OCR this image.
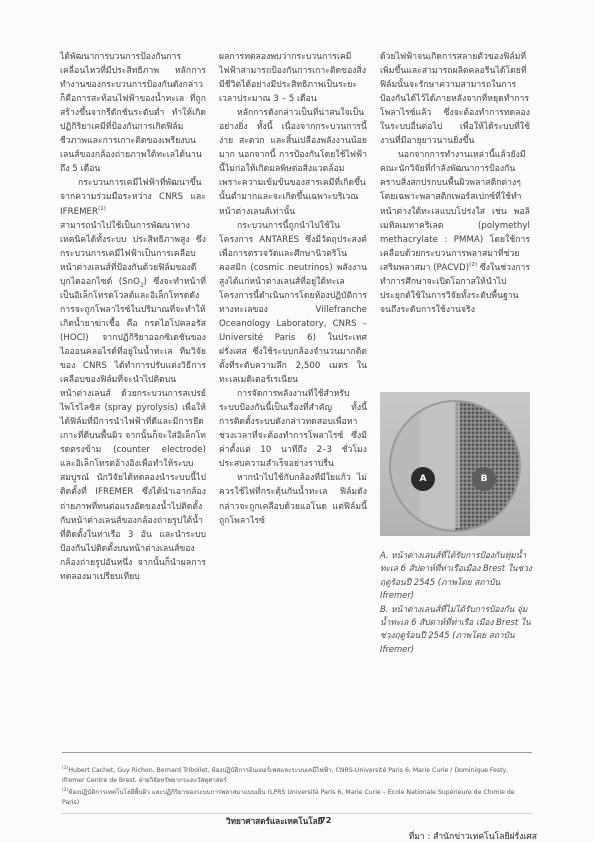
ได้พัฒนาการบวนการป้องกันการเคลื่อนไหวที่มีประสิทธิภาพ หลักการทำงานของกระบวนการป้องกันดังกล่าวก็คือการสะท้อนไฟฟ้าของน้ำทะเล ที่ถูกสร้างขึ้นจากรีดักชั่นระดับต่ำ ทำให้เกิดปฏิกิริยาเคมีที่ป้องกันการเกิดฟิล์มชีวภาพและการเกาะติดของเพรียงบนเลนส์ของกล้องถ่ายภาพใต้ทะเลได้นานถึง 5 เดือน

กระบวนการเคมีไฟฟ้าที่พัฒนาขึ้นจากความร่วมมือระหว่าง CNRS และ IFREMER$^{(1)}$

สามารถนำไปใช้เป็นการพัฒนาทางเทคนิคได้ทั้งระบบ ประสิทธิภาพสูง ซึ่งกระบวนการเคมีไฟฟ้าเป็นการเคลือบหน้าต่างเลนส์ที่ป้องกันด้วยฟิล์มของดีบุกไดออกไซด์ (SnO$_2$) ซึ่งจะทำหน้าที่เป็นอิเล็กโทรดโวลต์และอิเล็กโทรดดังการจะถูกโพลาไรซ์ในปริมาณที่จะทำให้เกิดน้ำยาฆ่าเชื้อ คือ กรดไฮโปคลอรัส (HOCl) จากปฏิกิริยาออกซิเดชันของไอออนคลอไรด์ที่อยู่ในน้ำทะเล ทีมวิจัยของ CNRS ได้ทำการปรับแต่งวิธีการเคลือบของฟิล์มที่จะนำไปติดบนหน้าต่างเลนส์ ด้วยกระบวนการสเปรย์ไพโรไลซิส (spray pyrolysis) เพื่อให้ได้ฟิล์มที่มีการนำไฟฟ้าที่ดีและมีการยึดเกาะที่ดีบนพื้นผิว จากนั้นก็จะใส่อิเล็กโทรดตรงข้าม (counter electrode) และอิเล็กโทรดอ้างอิงเพื่อทำให้ระบบสมบูรณ์ นักวิจัยได้ทดลองนำระบบนี้ไปติดตั้งที่ IFREMER ซึ่งได้นำเอากล้องถ่ายภาพที่ทนต่อแรงอัดของน้ำไปติดตั้งกับหน้าต่างเลนส์ของกล้องถ่ายรูปใต้น้ำที่ติดตั้งในท่าเรือ 3 อัน และนำระบบป้องกันไปติดตั้งบนหน้าต่างเลนส์ของกล้องถ่ายรูปอันหนึ่ง จากนั้นก็นำผลการทดลองมาเปรียบเทียบ

ผลการทดลองพบว่ากระบวนการเคมีไฟฟ้าสามารถป้องกันการเกาะติดของสิ่งมีชีวิตได้อย่างมีประสิทธิภาพเป็นระยะเวลาประมาณ 3 – 5 เดือน

หลักการดังกล่าวเป็นที่น่าสนใจเป็นอย่างยิ่ง ทั้งนี้ เนื่องจากกระบวนการนี้ง่าย สะดวก และสิ้นเปลืองพลังงานน้อยมาก นอกจากนี้ การป้องกันโดยใช้ไฟฟ้านี้ไม่ก่อให้เกิดมลพิษต่อสิ่งแวดล้อม เพราะความเข้มข้นของสารเคมีที่เกิดขึ้นนั้นต่ำมากและจะเกิดขึ้นเฉพาะบริเวณหน้าต่างเลนส์เท่านั้น

กระบวนการนี้ถูกนำไปใช้ในโครงการ ANTARES ซึ่งมีวัตถุประสงค์เพื่อการตรวจวัดและศึกษานิวตริโนคอสมิก (cosmic neutrinos) พลังงานสูงได้แก่หน้าต่างเลนส์ที่อยู่ใต้ทะเล โครงการนี้ดำเนินการโดยห้องปฏิบัติการทางทะเลของ Villefranche Oceanology Laboratory, CNRS – Université Paris 6) ในประเทศฝรั่งเศส ซึ่งใช้ระบบกล้องจำนวนมากติดตั้งที่ระดับความลึก 2,500 เมตร ในทะเลเมดิเตอร์เรเนียน

การจัดการพลังงานที่ใช้สำหรับระบบป้องกันนี้เป็นเรื่องที่สำคัญ ทั้งนี้ การติดตั้งระบบดังกล่าวทดสอบเพื่อหาช่วงเวลาที่จะต้องทำการโพลาไรซ์ ซึ่งมีค่าตั้งแต่ 10 นาทีถึง 2–3 ชั่วโมง ประสบความสำเร็จอย่างราบรื่น

หากนำไปใช้กับกล้องที่มีใยแก้ว ไม่ควรใช้ไฟที่กระตุ้นกันน้ำทะเล ฟิล์มดังกล่าวจะถูกเคลือบด้วยแอโนด แต่ฟิล์มนี้ถูกโพลาไรซ์

ด้วยไฟฟ้าจนเกิดการสลายตัวของฟิล์มที่เพิ่มขึ้นและสามารถผลิตคลอรีนได้โดยที่ฟิล์มนั้นจะรักษาความสามารถในการป้องกันได้ไว้ได้ภายหลังจากที่หยุดทำการโพลาไรซ์แล้ว ซึ่งจะต้องทำการทดลองในระบบอื่นต่อไป เพื่อให้ได้ระบบที่ใช้งานที่มีอายุยาวนานยิ่งขึ้น

นอกจากการทำงานเหล่านี้แล้วยังมีคณะนักวิจัยที่กำลังพัฒนาการป้องกันคราบสิ่งสกปรกบนพื้นผิวพลาสติกต่างๆ โดยเฉพาะพลาสติกเพอร์สเปกซ์ที่ใช้ทำหน้าต่างใต้ทะเลแบบโปร่งใส เช่น พอลิเมทิลเมทาคริเลต (polymethyl methacrylate : PMMA) โดยใช้การเคลือบด้วยกระบวนการพลาสมาที่ช่วยเสริมพลาสมา (PACVD)$^{(2)}$ ซึ่งในช่วงการทำการศึกษาจะเปิดโอกาสให้นำไปประยุกต์ใช้ในการวิจัยทั้งระดับพื้นฐานจนถึงระดับการใช้งานจริง

A	B

A. หน้าต่างเลนส์ที่ได้รับการป้องกันทุ่มน้ำทะเล 6 สัปดาห์ที่ท่าเรือเมือง Brest ในช่วงฤดูร้อนปี 2545 (ภาพโดย สถาบัน Ifremer)

B. หน้าต่างเลนส์ที่ไม่ได้รับการป้องกัน จุ่มน้ำทะเล 6 สัปดาห์ที่ท่าเรือ เมือง Brest ในช่วงฤดูร้อนปี 2545 (ภาพโดย สถาบัน Ifremer)

$^{(1)}$Hubert Cachet, Guy Richon, Bernard Tribollet, ห้องปฏิบัติการอินเตอร์เฟสและระบบเคมีไฟฟ้า, CNRS-Université Paris 6, Marie Curie / Dominique Festy, Ifremer Centre de Brest, ฝ่ายวิจัยทรัพยากรและวัสดุศาสตร์
$^{(2)}$ห้องปฏิบัติการเทคโนโลยีพื้นผิว และปฏิกิริยาของระบบการพลาสมาแบบเย็น (LPRS Université Paris 6, Marie Curie – Ecole Nationale Supérieure de Chimie de Paris)
วิทยาศาสตร์และเทคโนโลยี
72
ที่มา : สำนักข่าวเทคโนโลยีฝรั่งเศส
